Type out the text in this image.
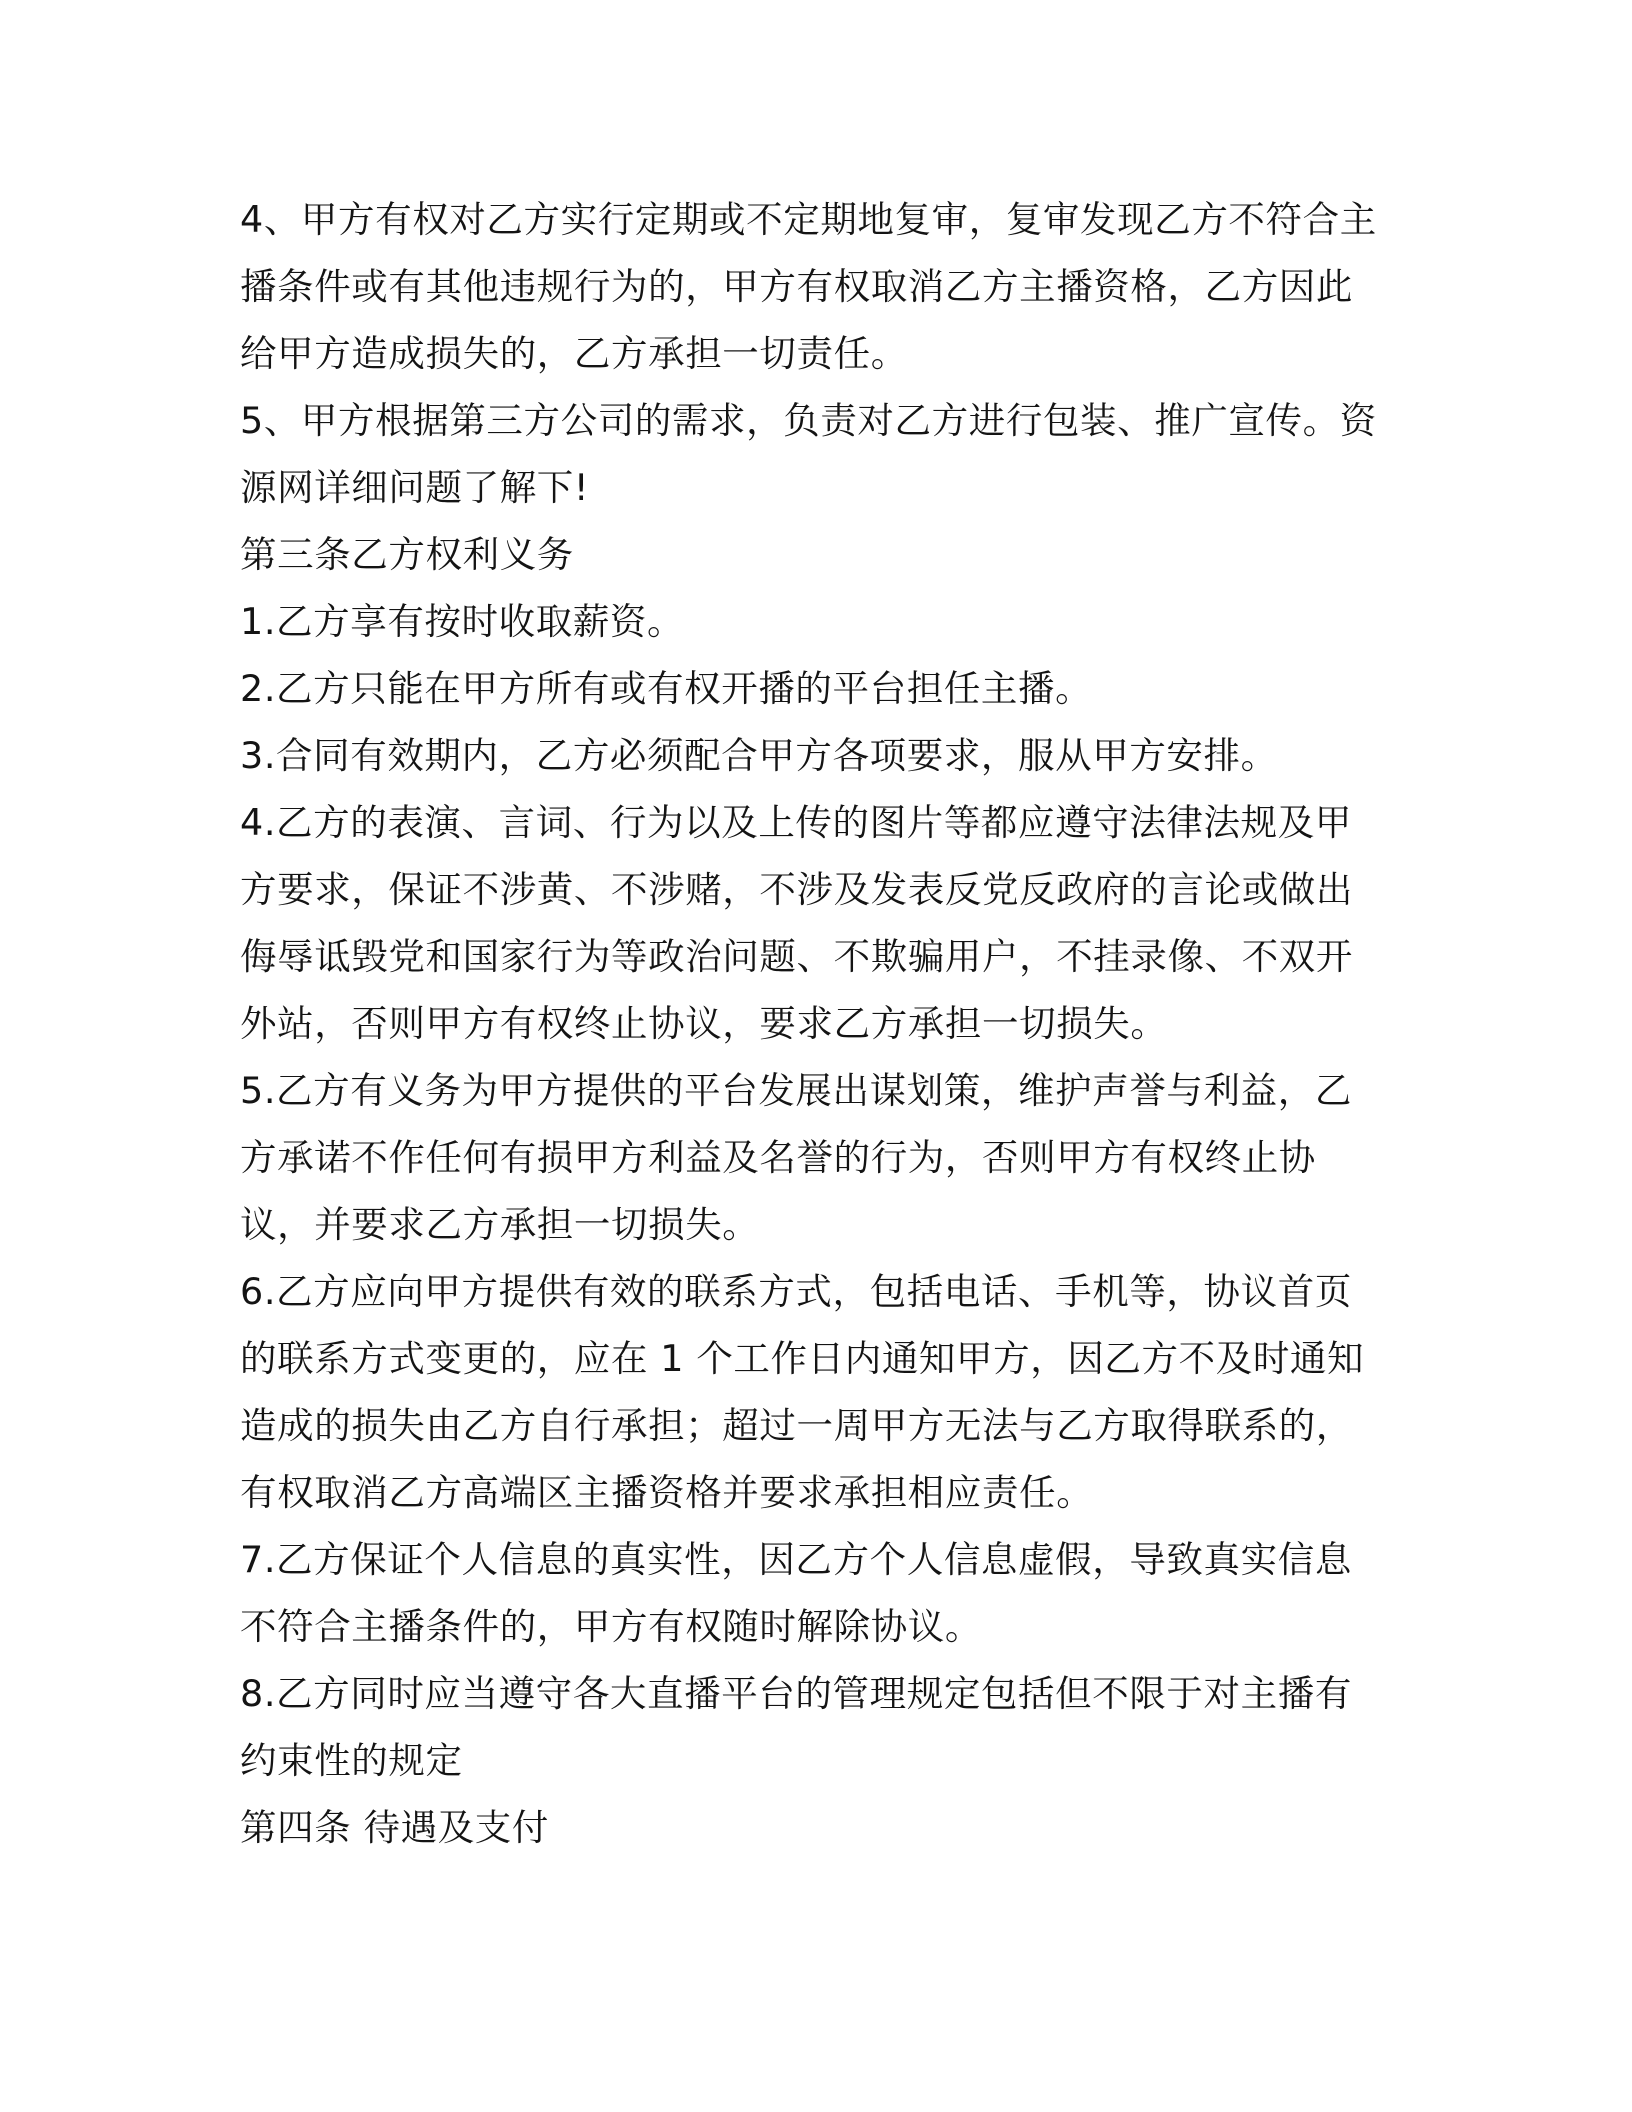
4、甲方有权对乙方实行定期或不定期地复审，复审发现乙方不符合主

播条件或有其他违规行为的，甲方有权取消乙方主播资格，乙方因此

给甲方造成损失的，乙方承担一切责任。

5、甲方根据第三方公司的需求，负责对乙方进行包装、推广宣传。资

源网详细问题了解下!

第三条乙方权利义务

1.乙方享有按时收取薪资。

2.乙方只能在甲方所有或有权开播的平台担任主播。

3.合同有效期内，乙方必须配合甲方各项要求，服从甲方安排。

4.乙方的表演、言词、行为以及上传的图片等都应遵守法律法规及甲

方要求，保证不涉黄、不涉赌，不涉及发表反党反政府的言论或做出

侮辱诋毁党和国家行为等政治问题、不欺骗用户，不挂录像、不双开

外站，否则甲方有权终止协议，要求乙方承担一切损失。

5.乙方有义务为甲方提供的平台发展出谋划策，维护声誉与利益，乙

方承诺不作任何有损甲方利益及名誉的行为，否则甲方有权终止协

议，并要求乙方承担一切损失。

6.乙方应向甲方提供有效的联系方式，包括电话、手机等，协议首页

的联系方式变更的，应在 1 个工作日内通知甲方，因乙方不及时通知

造成的损失由乙方自行承担；超过一周甲方无法与乙方取得联系的，

有权取消乙方高端区主播资格并要求承担相应责任。

7.乙方保证个人信息的真实性，因乙方个人信息虚假，导致真实信息

不符合主播条件的，甲方有权随时解除协议。

8.乙方同时应当遵守各大直播平台的管理规定包括但不限于对主播有

约束性的规定

第四条 待遇及支付
